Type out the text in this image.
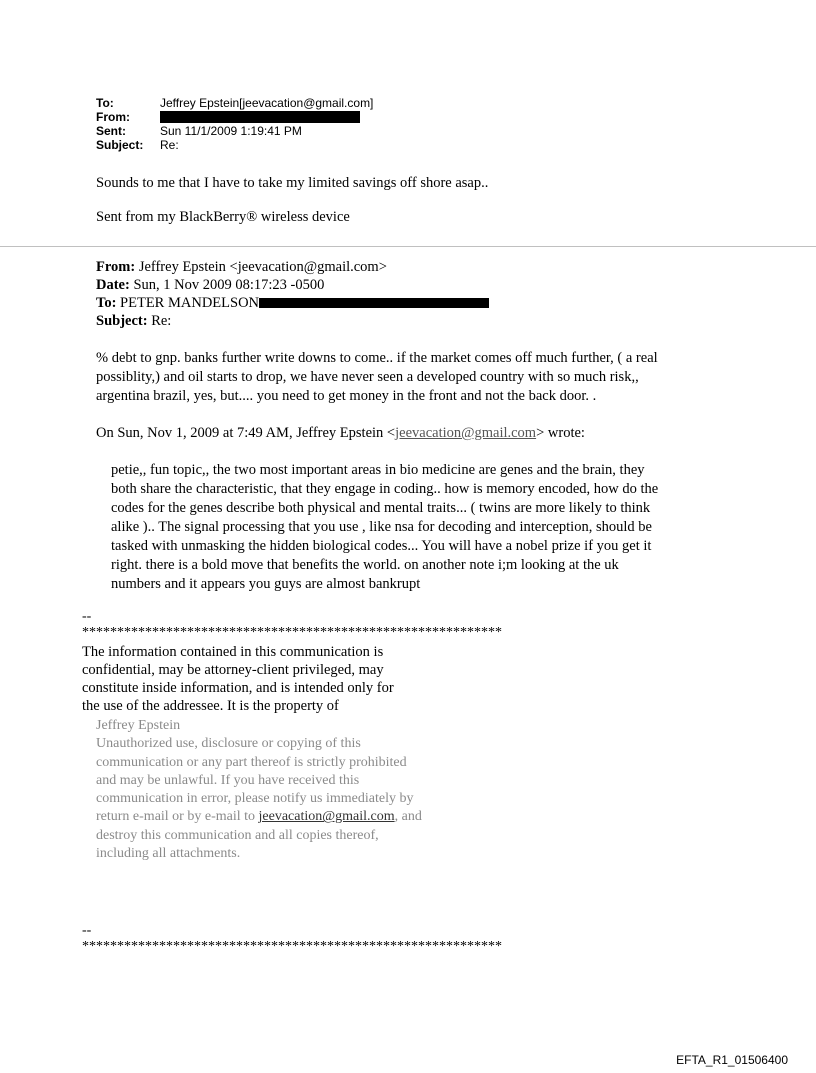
To:	Jeffrey Epstein[jeevacation@gmail.com]
From:
Sent:	Sun 11/1/2009 1:19:41 PM
Subject:	Re:
Sounds to me that I have to take my limited savings off shore asap..
Sent from my BlackBerry® wireless device
From: Jeffrey Epstein <jeevacation@gmail.com>
Date: Sun, 1 Nov 2009 08:17:23 -0500
To: PETER MANDELSON
Subject: Re:
% debt to gnp. banks further write downs to come.. if the market comes off much further, ( a real
possiblity,) and oil starts to drop, we have never seen a developed country with so much risk,,
argentina brazil, yes, but.... you need to get money in the front and not the back door. .
On Sun, Nov 1, 2009 at 7:49 AM, Jeffrey Epstein <jeevacation@gmail.com> wrote:
petie,, fun topic,, the two most important areas in bio medicine are genes and the brain, they
both share the characteristic, that they engage in coding.. how is memory encoded, how do the
codes for the genes describe both physical and mental traits... ( twins are more likely to think
alike ).. The signal processing that you use , like nsa for decoding and interception, should be
tasked with unmasking the hidden biological codes... You will have a nobel prize if you get it
right. there is a bold move that benefits the world. on another note i;m looking at the uk
numbers and it appears you guys are almost bankrupt
--
************************************************************
The information contained in this communication is
confidential, may be attorney-client privileged, may
constitute inside information, and is intended only for
the use of the addressee. It is the property of
Jeffrey Epstein
Unauthorized use, disclosure or copying of this
communication or any part thereof is strictly prohibited
and may be unlawful. If you have received this
communication in error, please notify us immediately by
return e-mail or by e-mail to jeevacation@gmail.com, and
destroy this communication and all copies thereof,
including all attachments.
--
************************************************************
EFTA_R1_01506400
